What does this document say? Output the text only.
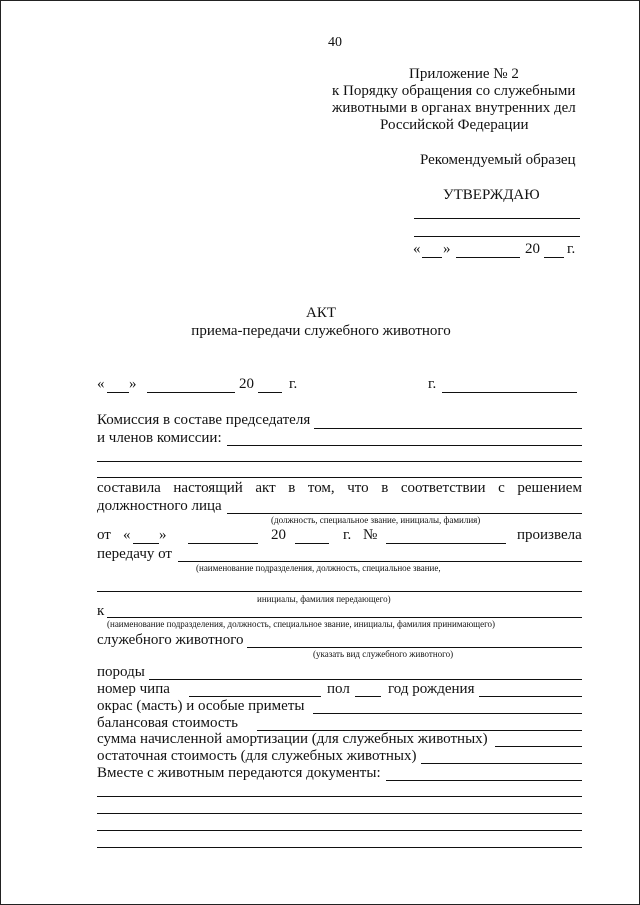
40
Приложение № 2
к Порядку обращения со служебными
животными в органах внутренних дел
Российской Федерации
Рекомендуемый образец
УТВЕРЖДАЮ
« »	20 г.
АКТ
приема-передачи служебного животного
« »	20 г.	г.
Комиссия в составе председателя
и членов комиссии:
составила настоящий акт в том, что в соответствии с решением
должностного лица
(должность, специальное звание, инициалы, фамилия)
от « »	20	г. №	произвела
передачу от
(наименование подразделения, должность, специальное звание,
инициалы, фамилия передающего)
к
(наименование подразделения, должность, специальное звание, инициалы, фамилия принимающего)
служебного животного
(указать вид служебного животного)
породы
номер чипа	пол	год рождения
окрас (масть) и особые приметы
балансовая стоимость
сумма начисленной амортизации (для служебных животных)
остаточная стоимость (для служебных животных)
Вместе с животным передаются документы:
